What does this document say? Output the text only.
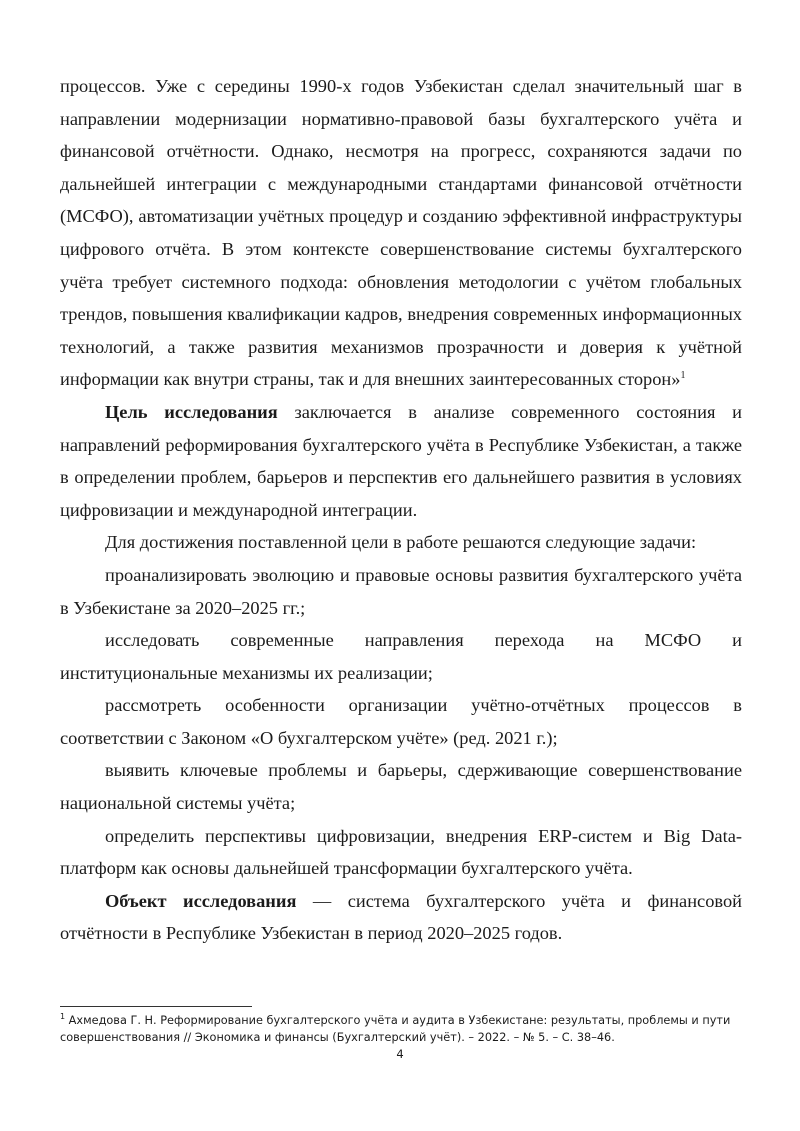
процессов. Уже с середины 1990-х годов Узбекистан сделал значительный шаг в направлении модернизации нормативно-правовой базы бухгалтерского учёта и финансовой отчётности. Однако, несмотря на прогресс, сохраняются задачи по дальнейшей интеграции с международными стандартами финансовой отчётности (МСФО), автоматизации учётных процедур и созданию эффективной инфраструктуры цифрового отчёта. В этом контексте совершенствование системы бухгалтерского учёта требует системного подхода: обновления методологии с учётом глобальных трендов, повышения квалификации кадров, внедрения современных информационных технологий, а также развития механизмов прозрачности и доверия к учётной информации как внутри страны, так и для внешних заинтересованных сторон»$^1$

Цель исследования заключается в анализе современного состояния и направлений реформирования бухгалтерского учёта в Республике Узбекистан, а также в определении проблем, барьеров и перспектив его дальнейшего развития в условиях цифровизации и международной интеграции.

Для достижения поставленной цели в работе решаются следующие задачи:

проанализировать эволюцию и правовые основы развития бухгалтерского учёта в Узбекистане за 2020–2025 гг.;

исследовать современные направления перехода на МСФО и институциональные механизмы их реализации;

рассмотреть особенности организации учётно-отчётных процессов в соответствии с Законом «О бухгалтерском учёте» (ред. 2021 г.);

выявить ключевые проблемы и барьеры, сдерживающие совершенствование национальной системы учёта;

определить перспективы цифровизации, внедрения ERP-систем и Big Data-платформ как основы дальнейшей трансформации бухгалтерского учёта.

Объект исследования — система бухгалтерского учёта и финансовой отчётности в Республике Узбекистан в период 2020–2025 годов.

$^1$ Ахмедова Г. Н. Реформирование бухгалтерского учёта и аудита в Узбекистане: результаты, проблемы и пути совершенствования // Экономика и финансы (Бухгалтерский учёт). – 2022. – № 5. – С. 38–46.
4
